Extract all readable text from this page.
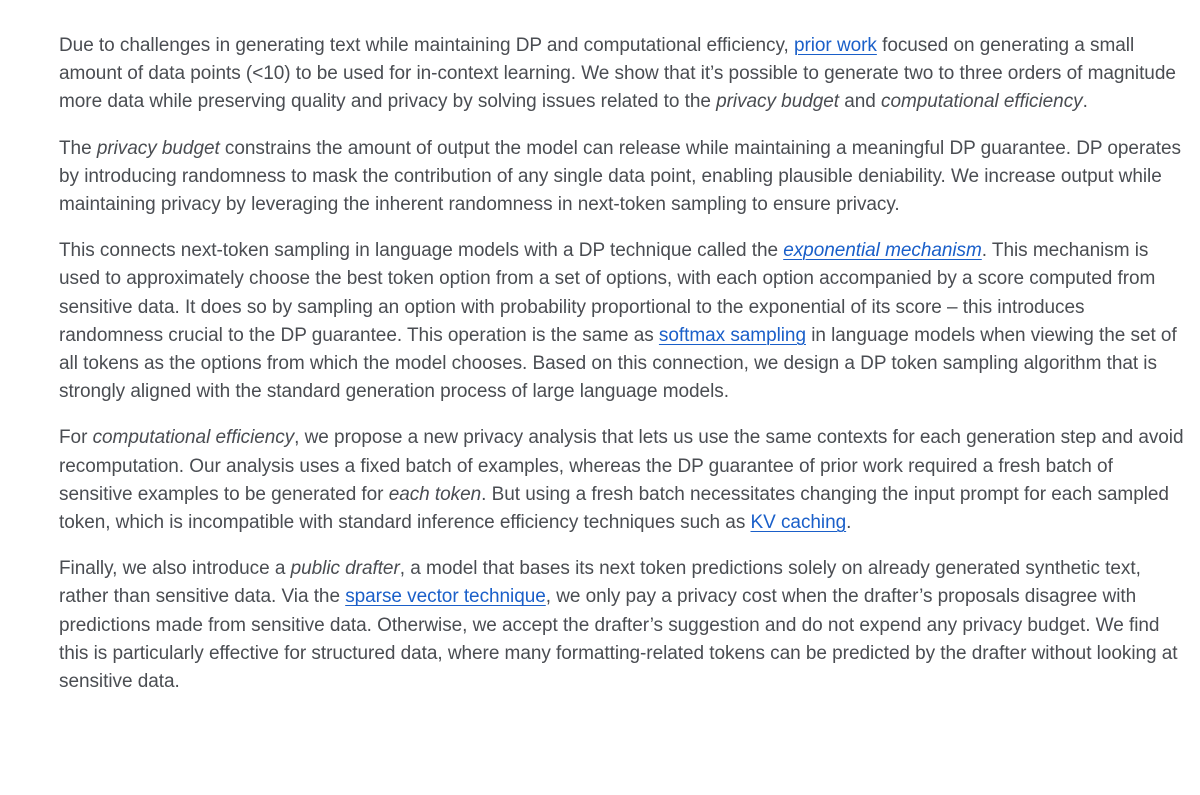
Due to challenges in generating text while maintaining DP and computational efficiency, prior work focused on generating a small amount of data points (<10) to be used for in-context learning. We show that it’s possible to generate two to three orders of magnitude more data while preserving quality and privacy by solving issues related to the privacy budget and computational efficiency.

The privacy budget constrains the amount of output the model can release while maintaining a meaningful DP guarantee. DP operates by introducing randomness to mask the contribution of any single data point, enabling plausible deniability. We increase output while maintaining privacy by leveraging the inherent randomness in next-token sampling to ensure privacy.

This connects next-token sampling in language models with a DP technique called the exponential mechanism. This mechanism is used to approximately choose the best token option from a set of options, with each option accompanied by a score computed from sensitive data. It does so by sampling an option with probability proportional to the exponential of its score – this introduces randomness crucial to the DP guarantee. This operation is the same as softmax sampling in language models when viewing the set of all tokens as the options from which the model chooses. Based on this connection, we design a DP token sampling algorithm that is strongly aligned with the standard generation process of large language models.

For computational efficiency, we propose a new privacy analysis that lets us use the same contexts for each generation step and avoid recomputation. Our analysis uses a fixed batch of examples, whereas the DP guarantee of prior work required a fresh batch of sensitive examples to be generated for each token. But using a fresh batch necessitates changing the input prompt for each sampled token, which is incompatible with standard inference efficiency techniques such as KV caching.

Finally, we also introduce a public drafter, a model that bases its next token predictions solely on already generated synthetic text, rather than sensitive data. Via the sparse vector technique, we only pay a privacy cost when the drafter’s proposals disagree with predictions made from sensitive data. Otherwise, we accept the drafter’s suggestion and do not expend any privacy budget. We find this is particularly effective for structured data, where many formatting-related tokens can be predicted by the drafter without looking at sensitive data.
